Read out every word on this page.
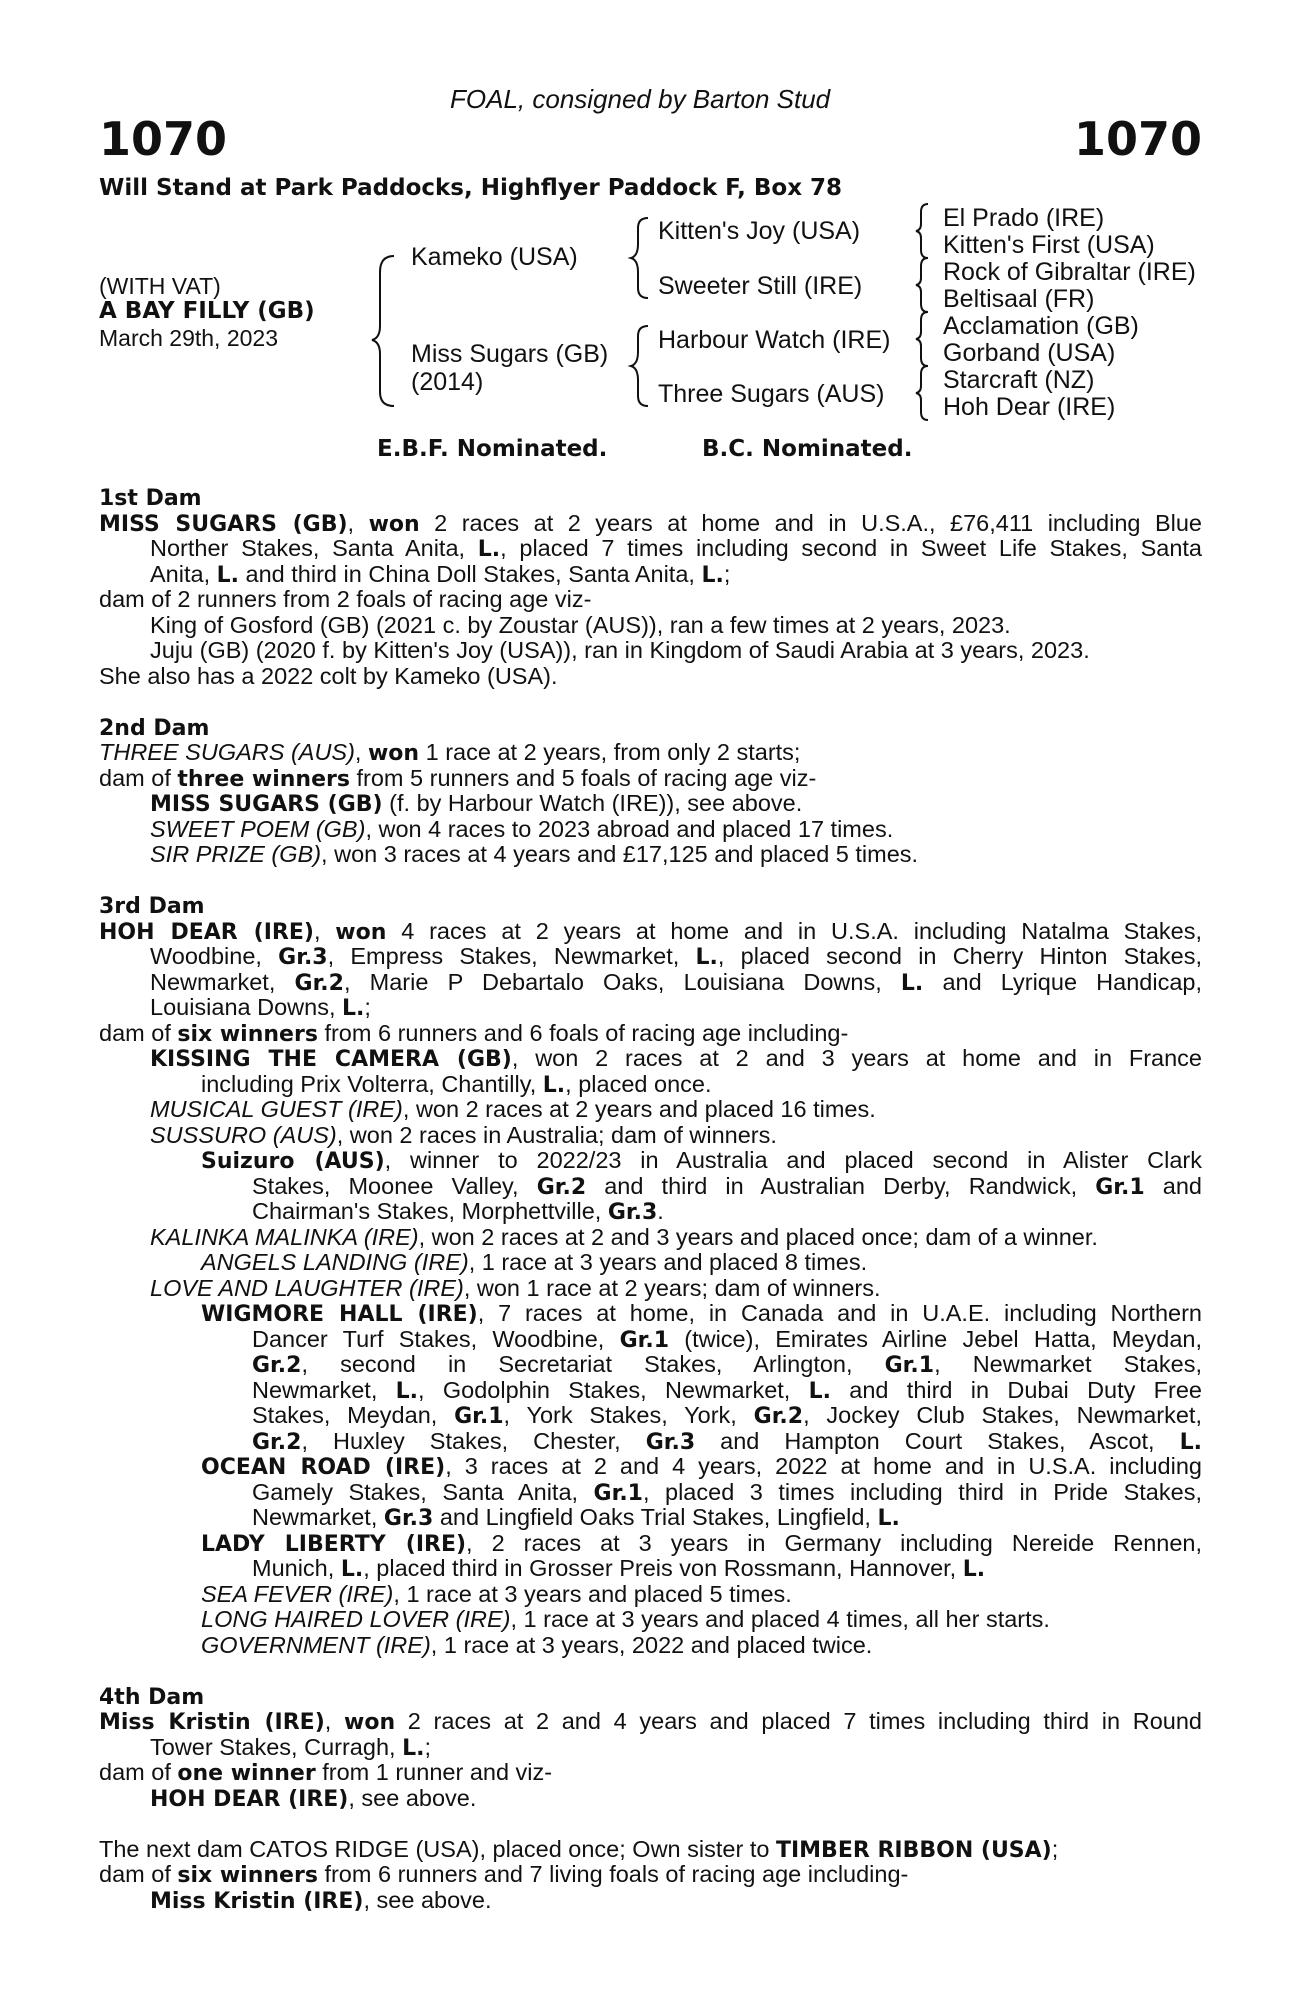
FOAL, consigned by Barton Stud
1070	1070
Will Stand at Park Paddocks, Highflyer Paddock F, Box 78
(WITH VAT)
A BAY FILLY (GB)
March 29th, 2023
Kameko (USA)
Miss Sugars (GB)
(2014)
Kitten's Joy (USA)
Sweeter Still (IRE)
Harbour Watch (IRE)
Three Sugars (AUS)
El Prado (IRE)
Kitten's First (USA)
Rock of Gibraltar (IRE)
Beltisaal (FR)
Acclamation (GB)
Gorband (USA)
Starcraft (NZ)
Hoh Dear (IRE)
E.B.F. Nominated.	B.C. Nominated.
1st Dam
MISS SUGARS (GB), won 2 races at 2 years at home and in U.S.A., £76,411 including Blue
Norther Stakes, Santa Anita, L., placed 7 times including second in Sweet Life Stakes, Santa
Anita, L. and third in China Doll Stakes, Santa Anita, L.;
dam of 2 runners from 2 foals of racing age viz-
King of Gosford (GB) (2021 c. by Zoustar (AUS)), ran a few times at 2 years, 2023.
Juju (GB) (2020 f. by Kitten's Joy (USA)), ran in Kingdom of Saudi Arabia at 3 years, 2023.
She also has a 2022 colt by Kameko (USA).
2nd Dam
THREE SUGARS (AUS), won 1 race at 2 years, from only 2 starts;
dam of three winners from 5 runners and 5 foals of racing age viz-
MISS SUGARS (GB) (f. by Harbour Watch (IRE)), see above.
SWEET POEM (GB), won 4 races to 2023 abroad and placed 17 times.
SIR PRIZE (GB), won 3 races at 4 years and £17,125 and placed 5 times.
3rd Dam
HOH DEAR (IRE), won 4 races at 2 years at home and in U.S.A. including Natalma Stakes,
Woodbine, Gr.3, Empress Stakes, Newmarket, L., placed second in Cherry Hinton Stakes,
Newmarket, Gr.2, Marie P Debartalo Oaks, Louisiana Downs, L. and Lyrique Handicap,
Louisiana Downs, L.;
dam of six winners from 6 runners and 6 foals of racing age including-
KISSING THE CAMERA (GB), won 2 races at 2 and 3 years at home and in France
including Prix Volterra, Chantilly, L., placed once.
MUSICAL GUEST (IRE), won 2 races at 2 years and placed 16 times.
SUSSURO (AUS), won 2 races in Australia; dam of winners.
Suizuro (AUS), winner to 2022/23 in Australia and placed second in Alister Clark
Stakes, Moonee Valley, Gr.2 and third in Australian Derby, Randwick, Gr.1 and
Chairman's Stakes, Morphettville, Gr.3.
KALINKA MALINKA (IRE), won 2 races at 2 and 3 years and placed once; dam of a winner.
ANGELS LANDING (IRE), 1 race at 3 years and placed 8 times.
LOVE AND LAUGHTER (IRE), won 1 race at 2 years; dam of winners.
WIGMORE HALL (IRE), 7 races at home, in Canada and in U.A.E. including Northern
Dancer Turf Stakes, Woodbine, Gr.1 (twice), Emirates Airline Jebel Hatta, Meydan,
Gr.2, second in Secretariat Stakes, Arlington, Gr.1, Newmarket Stakes,
Newmarket, L., Godolphin Stakes, Newmarket, L. and third in Dubai Duty Free
Stakes, Meydan, Gr.1, York Stakes, York, Gr.2, Jockey Club Stakes, Newmarket,
Gr.2, Huxley Stakes, Chester, Gr.3 and Hampton Court Stakes, Ascot, L.
OCEAN ROAD (IRE), 3 races at 2 and 4 years, 2022 at home and in U.S.A. including
Gamely Stakes, Santa Anita, Gr.1, placed 3 times including third in Pride Stakes,
Newmarket, Gr.3 and Lingfield Oaks Trial Stakes, Lingfield, L.
LADY LIBERTY (IRE), 2 races at 3 years in Germany including Nereide Rennen,
Munich, L., placed third in Grosser Preis von Rossmann, Hannover, L.
SEA FEVER (IRE), 1 race at 3 years and placed 5 times.
LONG HAIRED LOVER (IRE), 1 race at 3 years and placed 4 times, all her starts.
GOVERNMENT (IRE), 1 race at 3 years, 2022 and placed twice.
4th Dam
Miss Kristin (IRE), won 2 races at 2 and 4 years and placed 7 times including third in Round
Tower Stakes, Curragh, L.;
dam of one winner from 1 runner and viz-
HOH DEAR (IRE), see above.
The next dam CATOS RIDGE (USA), placed once; Own sister to TIMBER RIBBON (USA);
dam of six winners from 6 runners and 7 living foals of racing age including-
Miss Kristin (IRE), see above.
